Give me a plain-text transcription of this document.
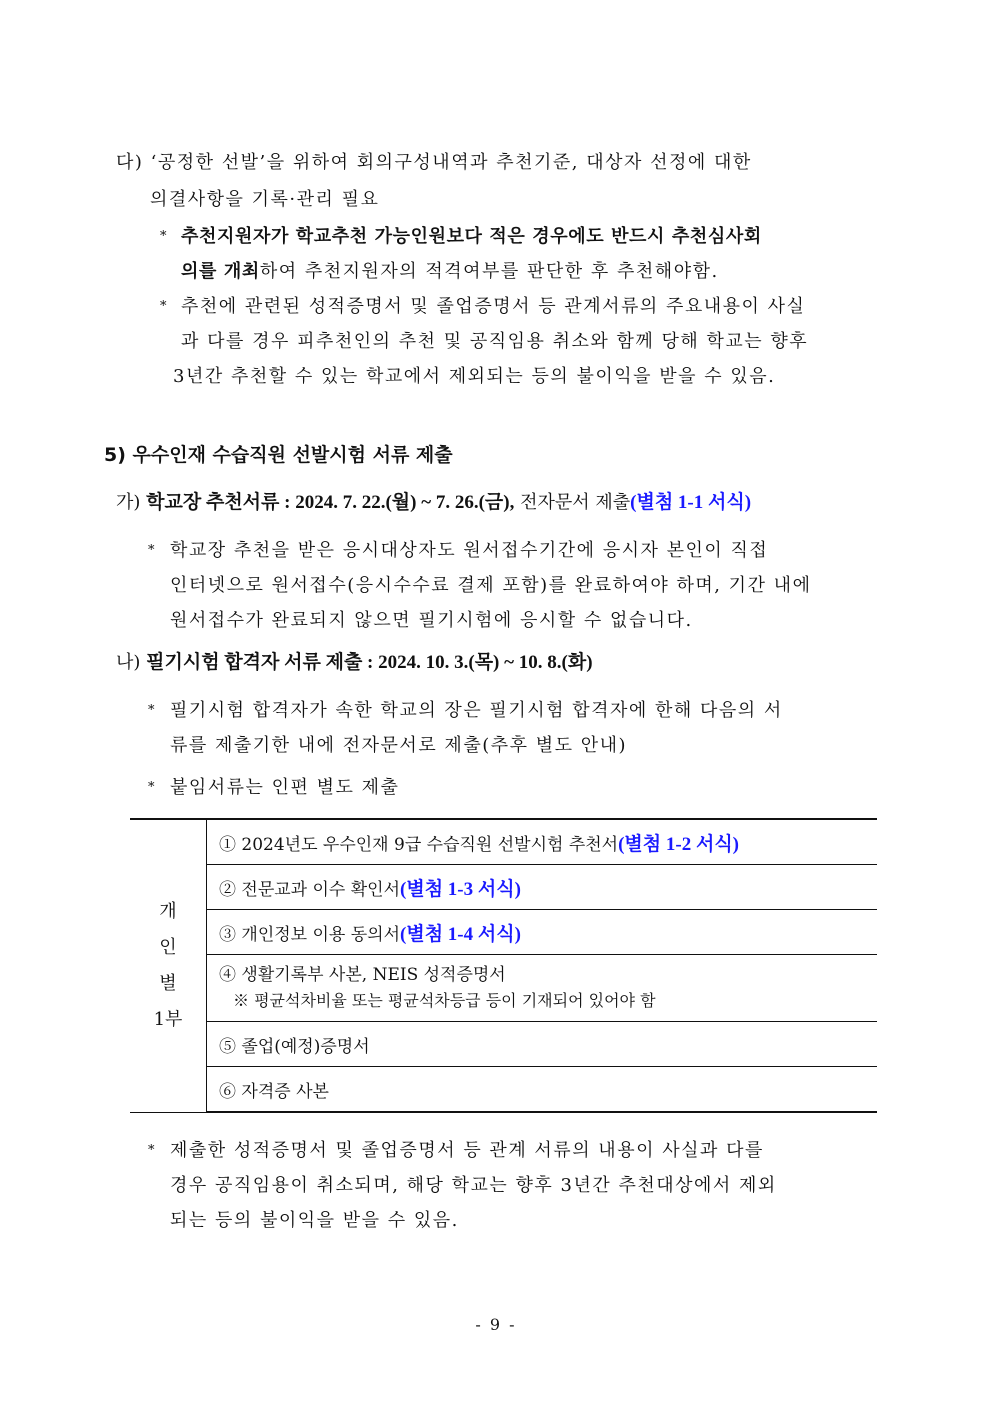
다) ‘공정한 선발’을 위하여 회의구성내역과 추천기준, 대상자 선정에 대한
의결사항을 기록·관리 필요
* 추천지원자가 학교추천 가능인원보다 적은 경우에도 반드시 추천심사회
의를 개최하여 추천지원자의 적격여부를 판단한 후 추천해야함.
* 추천에 관련된 성적증명서 및 졸업증명서 등 관계서류의 주요내용이 사실
과 다를 경우 피추천인의 추천 및 공직임용 취소와 함께 당해 학교는 향후
3년간 추천할 수 있는 학교에서 제외되는 등의 불이익을 받을 수 있음.
5) 우수인재 수습직원 선발시험 서류 제출
가) 학교장 추천서류 : 2024. 7. 22.(월) ~ 7. 26.(금), 전자문서 제출(별첨 1-1 서식)
* 학교장 추천을 받은 응시대상자도 원서접수기간에 응시자 본인이 직접
인터넷으로 원서접수(응시수수료 결제 포함)를 완료하여야 하며, 기간 내에
원서접수가 완료되지 않으면 필기시험에 응시할 수 없습니다.
나) 필기시험 합격자 서류 제출 : 2024. 10. 3.(목) ~ 10. 8.(화)
* 필기시험 합격자가 속한 학교의 장은 필기시험 합격자에 한해 다음의 서
류를 제출기한 내에 전자문서로 제출(추후 별도 안내)
* 붙임서류는 인편 별도 제출
개
인
별
1부
	① 2024년도 우수인재 9급 수습직원 선발시험 추천서(별첨 1-2 서식)
② 전문교과 이수 확인서(별첨 1-3 서식)
③ 개인정보 이용 동의서(별첨 1-4 서식)

④ 생활기록부 사본, NEIS 성적증명서
※ 평균석차비율 또는 평균석차등급 등이 기재되어 있어야 함

⑤ 졸업(예정)증명서
⑥ 자격증 사본
* 제출한 성적증명서 및 졸업증명서 등 관계 서류의 내용이 사실과 다를
경우 공직임용이 취소되며, 해당 학교는 향후 3년간 추천대상에서 제외
되는 등의 불이익을 받을 수 있음.
- 9 -
